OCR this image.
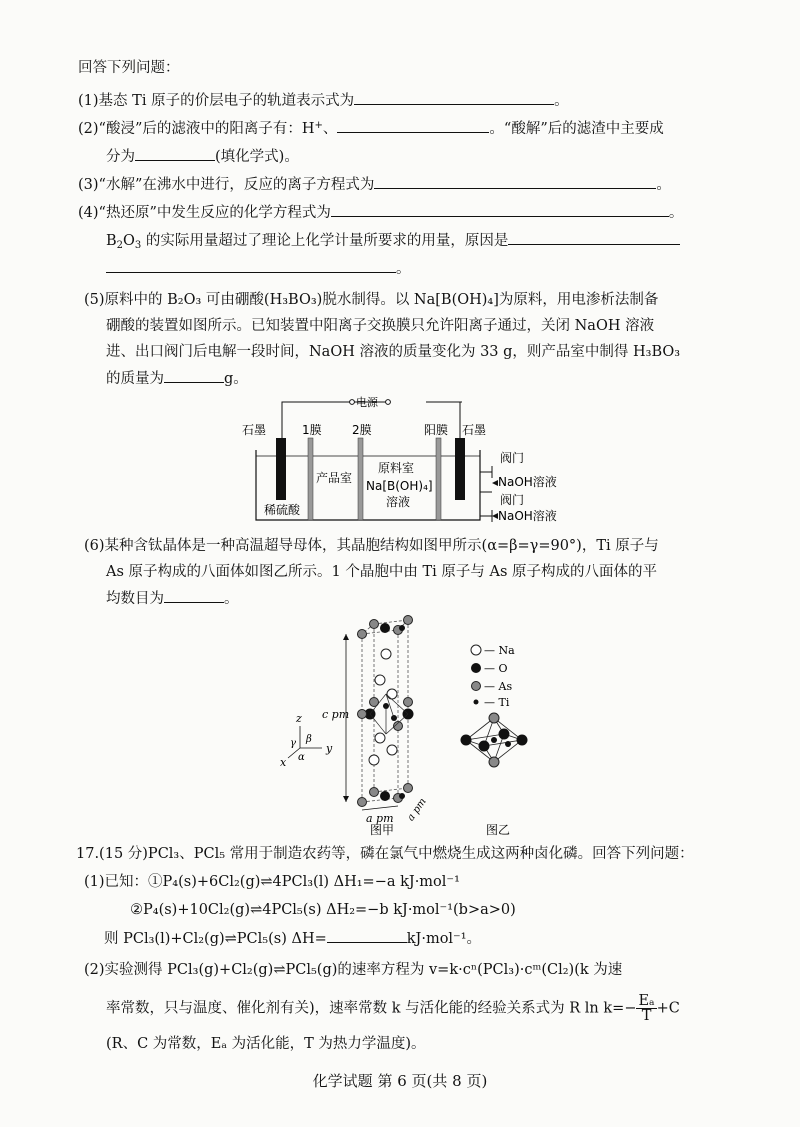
回答下列问题：
(1)基态 Ti 原子的价层电子的轨道表示式为	。
(2)“酸浸”后的滤液中的阳离子有：H+、	。“酸解”后的滤渣中主要成
分为	(填化学式)。
(3)“水解”在沸水中进行，反应的离子方程式为	。
(4)“热还原”中发生反应的化学方程式为	。
$B_2O_3$ 的实际用量超过了理论上化学计量所要求的用量，原因是
。
(5)原料中的 B₂O₃ 可由硼酸(H₃BO₃)脱水制得。以 Na[B(OH)₄]为原料，用电渗析法制备
硼酸的装置如图所示。已知装置中阳离子交换膜只允许阳离子通过，关闭 NaOH 溶液
进、出口阀门后电解一段时间，NaOH 溶液的质量变化为 33 g，则产品室中制得 H₃BO₃
的质量为	g。
电源
石墨	1膜	2膜	阳膜 石墨
稀硫酸
产品室
原料室
Na[B(OH)₄]
溶液
阀门
NaOH溶液
阀门
NaOH溶液
(6)某种含钛晶体是一种高温超导母体，其晶胞结构如图甲所示(α=β=γ=90°)，Ti 原子与
As 原子构成的八面体如图乙所示。1 个晶胞中由 Ti 原子与 As 原子构成的八面体的平
均数目为	。
c pm
a pm a pm
图甲
z
y
x
γ β
α
— Na
— O
— As
— Ti
图乙
17.(15 分)PCl₃、PCl₅ 常用于制造农药等，磷在氯气中燃烧生成这两种卤化磷。回答下列问题：
(1)已知：①P₄(s)+6Cl₂(g)⇌4PCl₃(l) ΔH₁=−a kJ·mol⁻¹
②P₄(s)+10Cl₂(g)⇌4PCl₅(s) ΔH₂=−b kJ·mol⁻¹(b>a>0)
则 PCl₃(l)+Cl₂(g)⇌PCl₅(s) ΔH=	kJ·mol⁻¹。
(2)实验测得 PCl₃(g)+Cl₂(g)⇌PCl₅(g)的速率方程为 v=k·cⁿ(PCl₃)·cᵐ(Cl₂)(k 为速
率常数，只与温度、催化剂有关)，速率常数 k 与活化能的经验关系式为 R $\ln k=- \frac{\text{Eₐ}}{T} +C$
(R、C 为常数，Eₐ 为活化能，T 为热力学温度)。
化学试题 第 6 页(共 8 页)
